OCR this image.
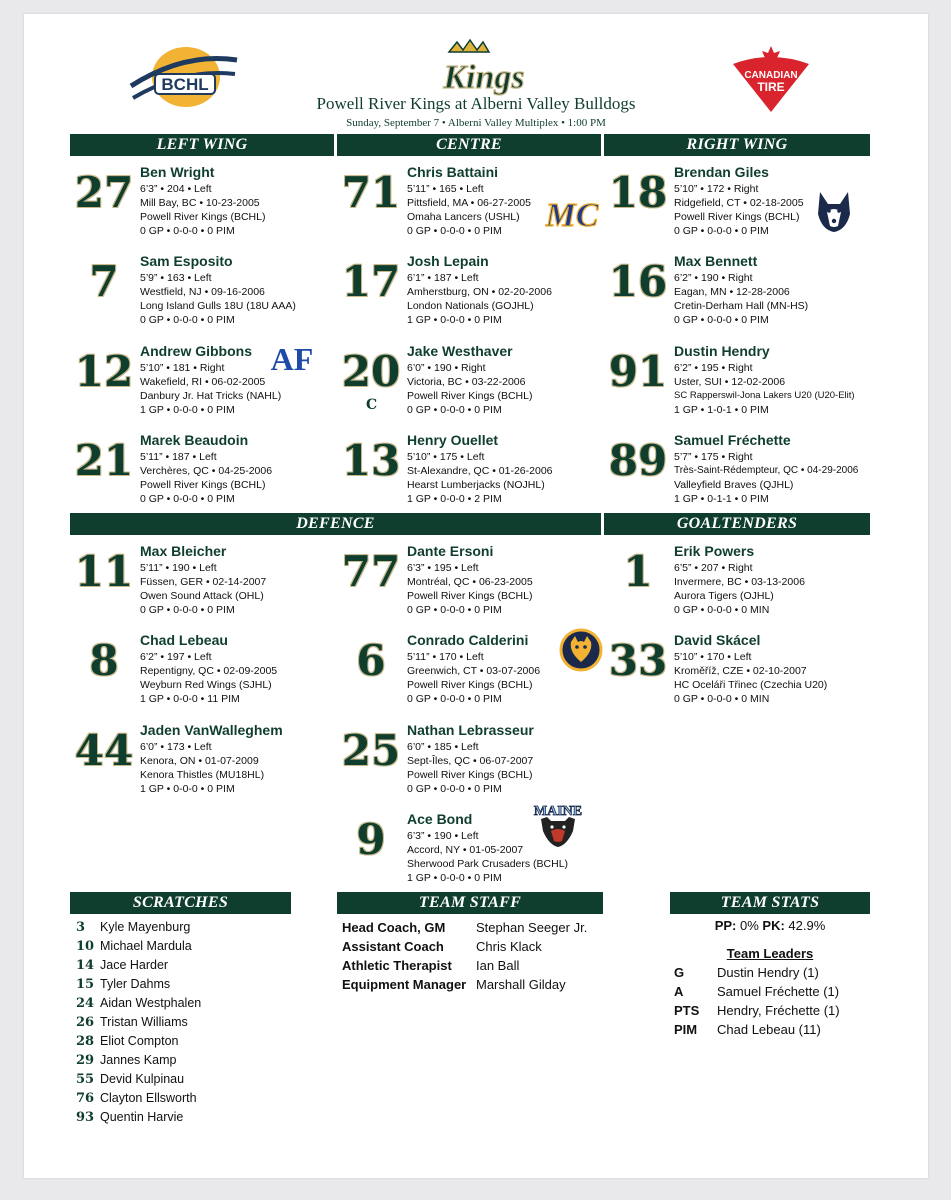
BCHL	Kings	CANADIAN
TIRE
Powell River Kings at Alberni Valley Bulldogs
Sunday, September 7 • Alberni Valley Multiplex • 1:00 PM
LEFT WING	CENTRE	RIGHT WING
DEFENCE	GOALTENDERS
SCRATCHES	TEAM STAFF	TEAM STATS
27 Ben Wright
6’3” • 204 • Left
Mill Bay, BC • 10-23-2005
Powell River Kings (BCHL)
0 GP • 0-0-0 • 0 PIM
7	Sam Esposito
5’9” • 163 • Left
Westfield, NJ • 09-16-2006
Long Island Gulls 18U (18U AAA)
0 GP • 0-0-0 • 0 PIM
12 Andrew Gibbons
5’10” • 181 • Right
Wakefield, RI • 06-02-2005
Danbury Jr. Hat Tricks (NAHL)
1 GP • 0-0-0 • 0 PIM
AF
21 Marek Beaudoin
5’11” • 187 • Left
Verchères, QC • 04-25-2006
Powell River Kings (BCHL)
0 GP • 0-0-0 • 0 PIM
71 Chris Battaini
5’11” • 165 • Left
Pittsfield, MA • 06-27-2005
Omaha Lancers (USHL)
0 GP • 0-0-0 • 0 PIM MC
17 Josh Lepain
6’1” • 187 • Left
Amherstburg, ON • 02-20-2006
London Nationals (GOJHL)
1 GP • 0-0-0 • 0 PIM
20
C
Jake Westhaver
6’0” • 190 • Right
Victoria, BC • 03-22-2006
Powell River Kings (BCHL)
0 GP • 0-0-0 • 0 PIM
13 Henry Ouellet
5’10” • 175 • Left
St-Alexandre, QC • 01-26-2006
Hearst Lumberjacks (NOJHL)
1 GP • 0-0-0 • 2 PIM
18 Brendan Giles
5’10” • 172 • Right
Ridgefield, CT • 02-18-2005
Powell River Kings (BCHL)
0 GP • 0-0-0 • 0 PIM
16 Max Bennett
6’2” • 190 • Right
Eagan, MN • 12-28-2006
Cretin-Derham Hall (MN-HS)
0 GP • 0-0-0 • 0 PIM
91 Dustin Hendry
6’2” • 195 • Right
Uster, SUI • 12-02-2006
SC Rapperswil-Jona Lakers U20 (U20-Elit)
1 GP • 1-0-1 • 0 PIM
89 Samuel Fréchette
5’7” • 175 • Right
Très-Saint-Rédempteur, QC • 04-29-2006
Valleyfield Braves (QJHL)
1 GP • 0-1-1 • 0 PIM
11 Max Bleicher
5’11” • 190 • Left
Füssen, GER • 02-14-2007
Owen Sound Attack (OHL)
0 GP • 0-0-0 • 0 PIM
8	Chad Lebeau
6’2” • 197 • Left
Repentigny, QC • 02-09-2005
Weyburn Red Wings (SJHL)
1 GP • 0-0-0 • 11 PIM
44 Jaden VanWalleghem
6’0” • 173 • Left
Kenora, ON • 01-07-2009
Kenora Thistles (MU18HL)
1 GP • 0-0-0 • 0 PIM
77 Dante Ersoni
6’3” • 195 • Left
Montréal, QC • 06-23-2005
Powell River Kings (BCHL)
0 GP • 0-0-0 • 0 PIM
6	Conrado Calderini
5’11” • 170 • Left
Greenwich, CT • 03-07-2006
Powell River Kings (BCHL)
0 GP • 0-0-0 • 0 PIM
25 Nathan Lebrasseur
6’0” • 185 • Left
Sept-Îles, QC • 06-07-2007
Powell River Kings (BCHL)
0 GP • 0-0-0 • 0 PIM
9	Ace Bond
6’3” • 190 • Left
Accord, NY • 01-05-2007
Sherwood Park Crusaders (BCHL)
1 GP • 0-0-0 • 0 PIM
MAINE
1	Erik Powers
6’5” • 207 • Right
Invermere, BC • 03-13-2006
Aurora Tigers (OJHL)
0 GP • 0-0-0 • 0 MIN
33 David Skácel
5’10” • 170 • Left
Kroměříž, CZE • 02-10-2007
HC Oceláři Třinec (Czechia U20)
0 GP • 0-0-0 • 0 MIN
3 Kyle Mayenburg
10 Michael Mardula
14 Jace Harder
15 Tyler Dahms
24 Aidan Westphalen
26 Tristan Williams
28 Eliot Compton
29 Jannes Kamp
55 Devid Kulpinau
76 Clayton Ellsworth
93 Quentin Harvie
Head Coach, GM Stephan Seeger Jr.
Assistant Coach Chris Klack
Athletic Therapist Ian Ball
Equipment Manager Marshall Gilday
PP: 0% PK: 42.9%
Team Leaders
G	Dustin Hendry (1)
A	Samuel Fréchette (1)
PTS Hendry, Fréchette (1)
PIM Chad Lebeau (11)
